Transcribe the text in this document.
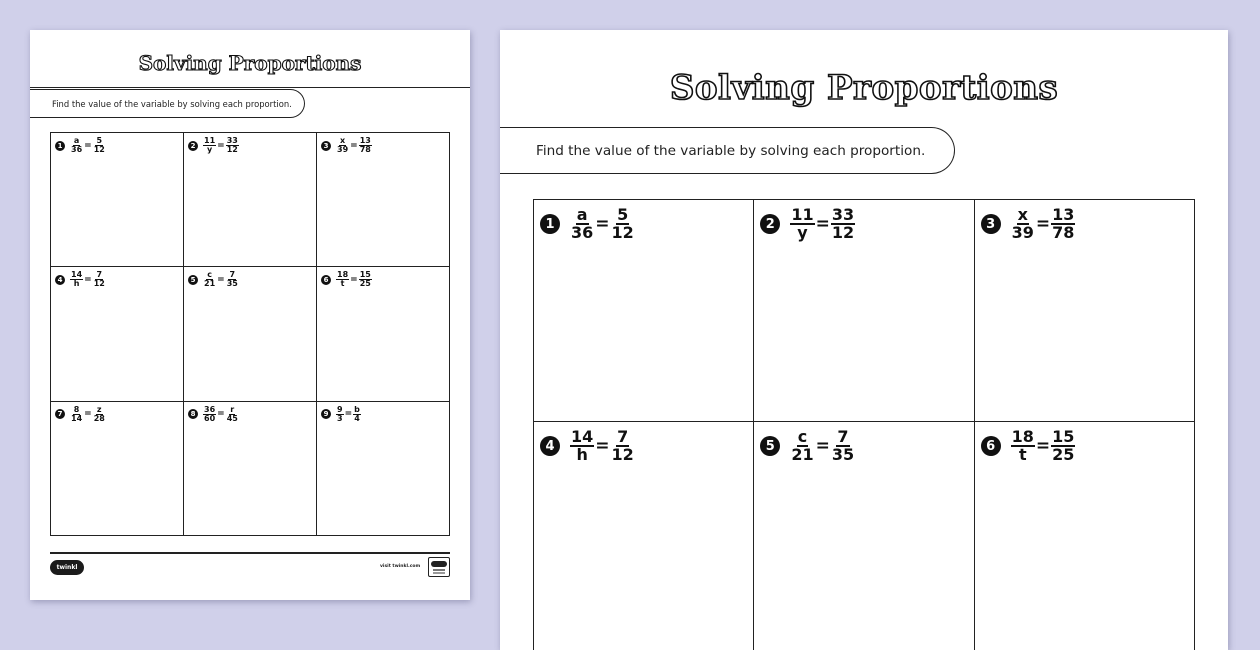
Solving Proportions
Find the value of the variable by solving each proportion.
$1 \frac{a}{36} = \frac{5}{12}$	$2 \frac{11}{y} = \frac{33}{12}$	$3 \frac{x}{39} = \frac{13}{78}$
$4 \frac{14}{h} = \frac{7}{12}$	$5 \frac{c}{21} = \frac{7}{35}$	$6 \frac{18}{t} = \frac{15}{25}$
$7 \frac{8}{14} = \frac{z}{28}$	$8 \frac{36}{60} = \frac{r}{45}$	$9 \frac{9}{3} = \frac{b}{4}$
twinkl	visit twinkl.com
Solving Proportions
Find the value of the variable by solving each proportion.
$1 \frac{a}{36} = \frac{5}{12}$	$2 \frac{11}{y} = \frac{33}{12}$	$3 \frac{x}{39} = \frac{13}{78}$
$4 \frac{14}{h} = \frac{7}{12}$	$5 \frac{c}{21} = \frac{7}{35}$	$6 \frac{18}{t} = \frac{15}{25}$
